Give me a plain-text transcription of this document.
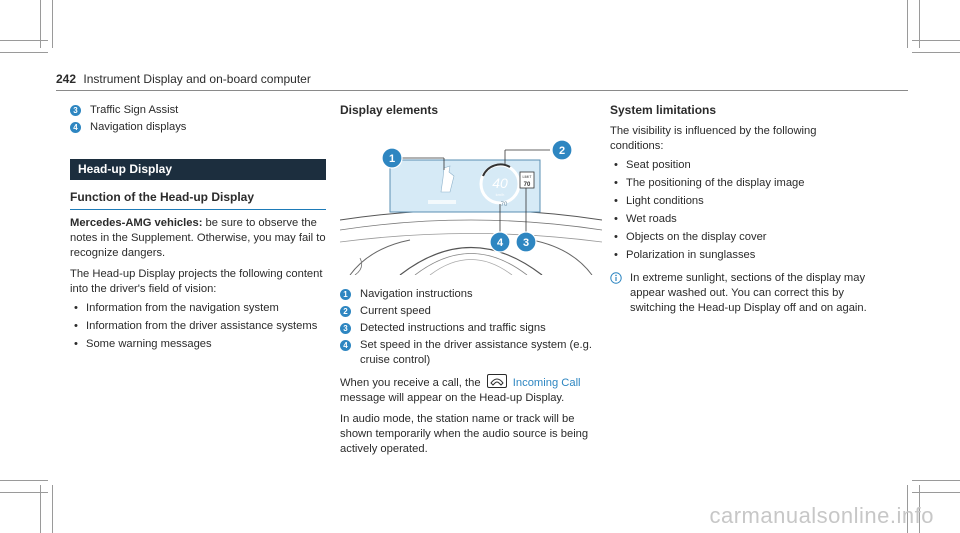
242 Instrument Display and on-board computer
3 Traffic Sign Assist
4 Navigation displays
Head-up Display
Function of the Head-up Display

Mercedes-AMG vehicles: be sure to observe the notes in the Supplement. Otherwise, you may fail to recognize dangers.

The Head-up Display projects the following content into the driver's field of vision:

• Information from the navigation system
• Information from the driver assistance systems
• Some warning messages
Display elements
40
km/h
70
LIMIT
70
1
2
3
4
1 Navigation instructions
2 Current speed
3 Detected instructions and traffic signs
4 Set speed in the driver assistance system (e.g. cruise control)

When you receive a call, the	Incoming Call message will appear on the Head-up Display.

In audio mode, the station name or track will be shown temporarily when the audio source is being actively operated.

System limitations

The visibility is influenced by the following conditions:

• Seat position
• The positioning of the display image
• Light conditions
• Wet roads
• Objects on the display cover
• Polarization in sunglasses
In extreme sunlight, sections of the display may appear washed out. You can correct this by switching the Head-up Display off and on again.
carmanualsonline.info
